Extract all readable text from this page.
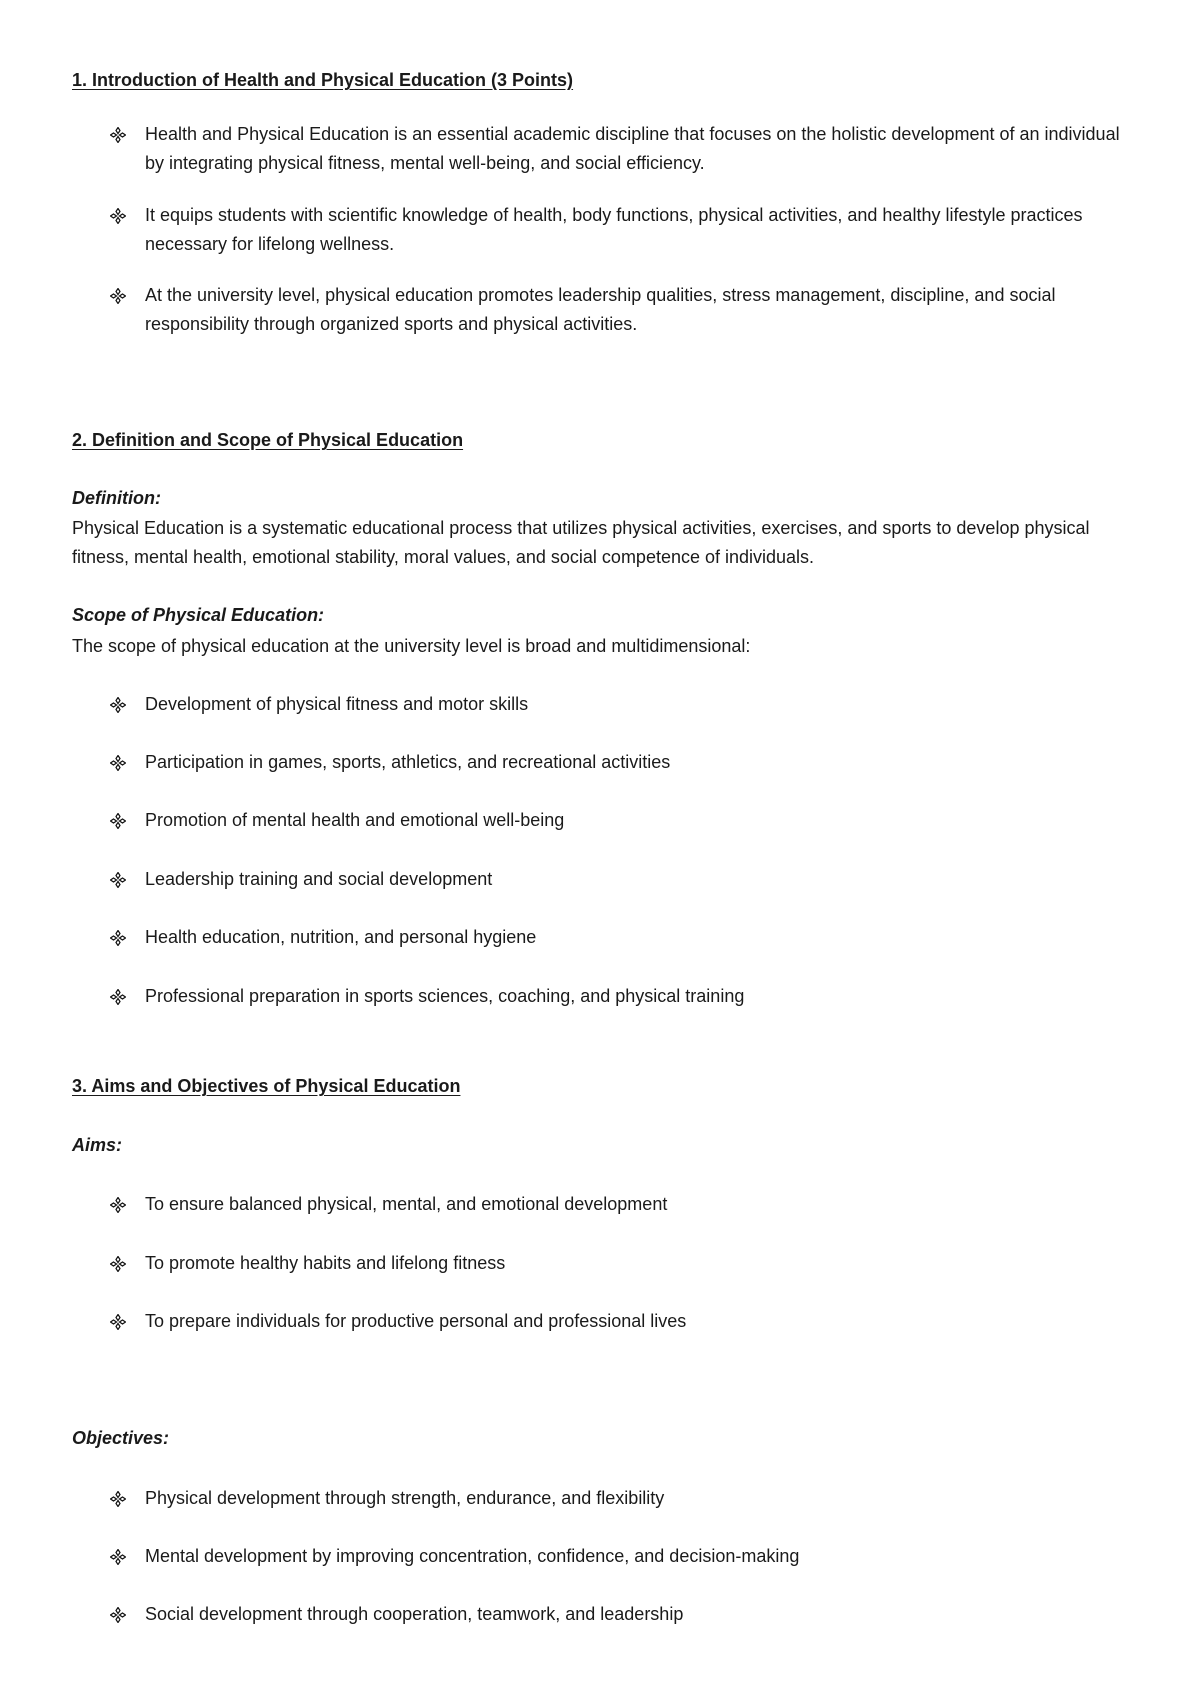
1. Introduction of Health and Physical Education (3 Points)
Health and Physical Education is an essential academic discipline that focuses on the holistic development of an individual by integrating physical fitness, mental well-being, and social efficiency.
It equips students with scientific knowledge of health, body functions, physical activities, and healthy lifestyle practices necessary for lifelong wellness.
At the university level, physical education promotes leadership qualities, stress management, discipline, and social responsibility through organized sports and physical activities.
2. Definition and Scope of Physical Education
Definition:
Physical Education is a systematic educational process that utilizes physical activities, exercises, and sports to develop physical fitness, mental health, emotional stability, moral values, and social competence of individuals.
Scope of Physical Education:
The scope of physical education at the university level is broad and multidimensional:
Development of physical fitness and motor skills
Participation in games, sports, athletics, and recreational activities
Promotion of mental health and emotional well-being
Leadership training and social development
Health education, nutrition, and personal hygiene
Professional preparation in sports sciences, coaching, and physical training
3. Aims and Objectives of Physical Education
Aims:
To ensure balanced physical, mental, and emotional development
To promote healthy habits and lifelong fitness
To prepare individuals for productive personal and professional lives
Objectives:
Physical development through strength, endurance, and flexibility
Mental development by improving concentration, confidence, and decision-making
Social development through cooperation, teamwork, and leadership
